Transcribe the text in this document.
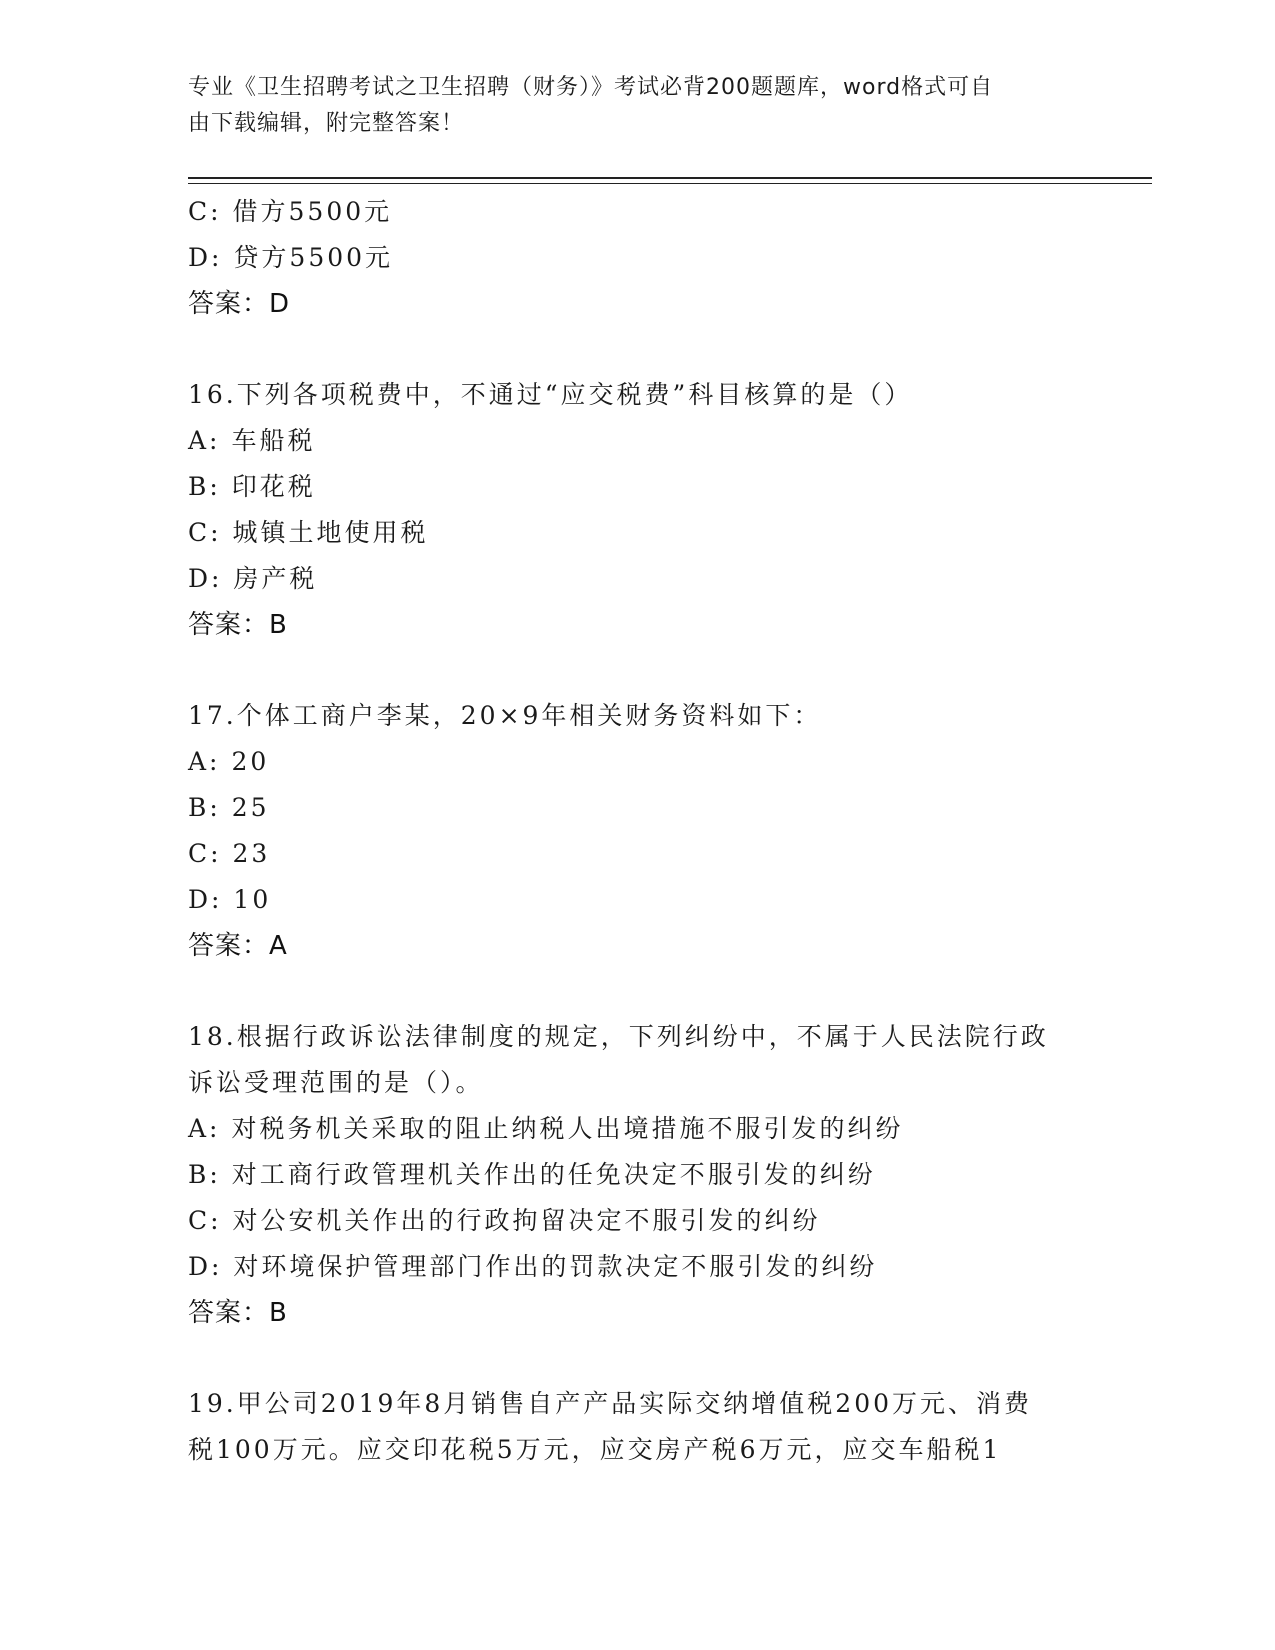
专业《卫生招聘考试之卫生招聘（财务）》考试必背200题题库，word格式可自
由下载编辑，附完整答案！
C: 借方5500元
D: 贷方5500元
答案：D
16.下列各项税费中，不通过“应交税费”科目核算的是（）
A: 车船税
B: 印花税
C: 城镇土地使用税
D: 房产税
答案：B
17.个体工商户李某，20×9年相关财务资料如下：
A: 20
B: 25
C: 23
D: 10
答案：A
18.根据行政诉讼法律制度的规定，下列纠纷中，不属于人民法院行政
诉讼受理范围的是（）。
A: 对税务机关采取的阻止纳税人出境措施不服引发的纠纷
B: 对工商行政管理机关作出的任免决定不服引发的纠纷
C: 对公安机关作出的行政拘留决定不服引发的纠纷
D: 对环境保护管理部门作出的罚款决定不服引发的纠纷
答案：B
19.甲公司2019年8月销售自产产品实际交纳增值税200万元、消费
税100万元。应交印花税5万元，应交房产税6万元，应交车船税1
